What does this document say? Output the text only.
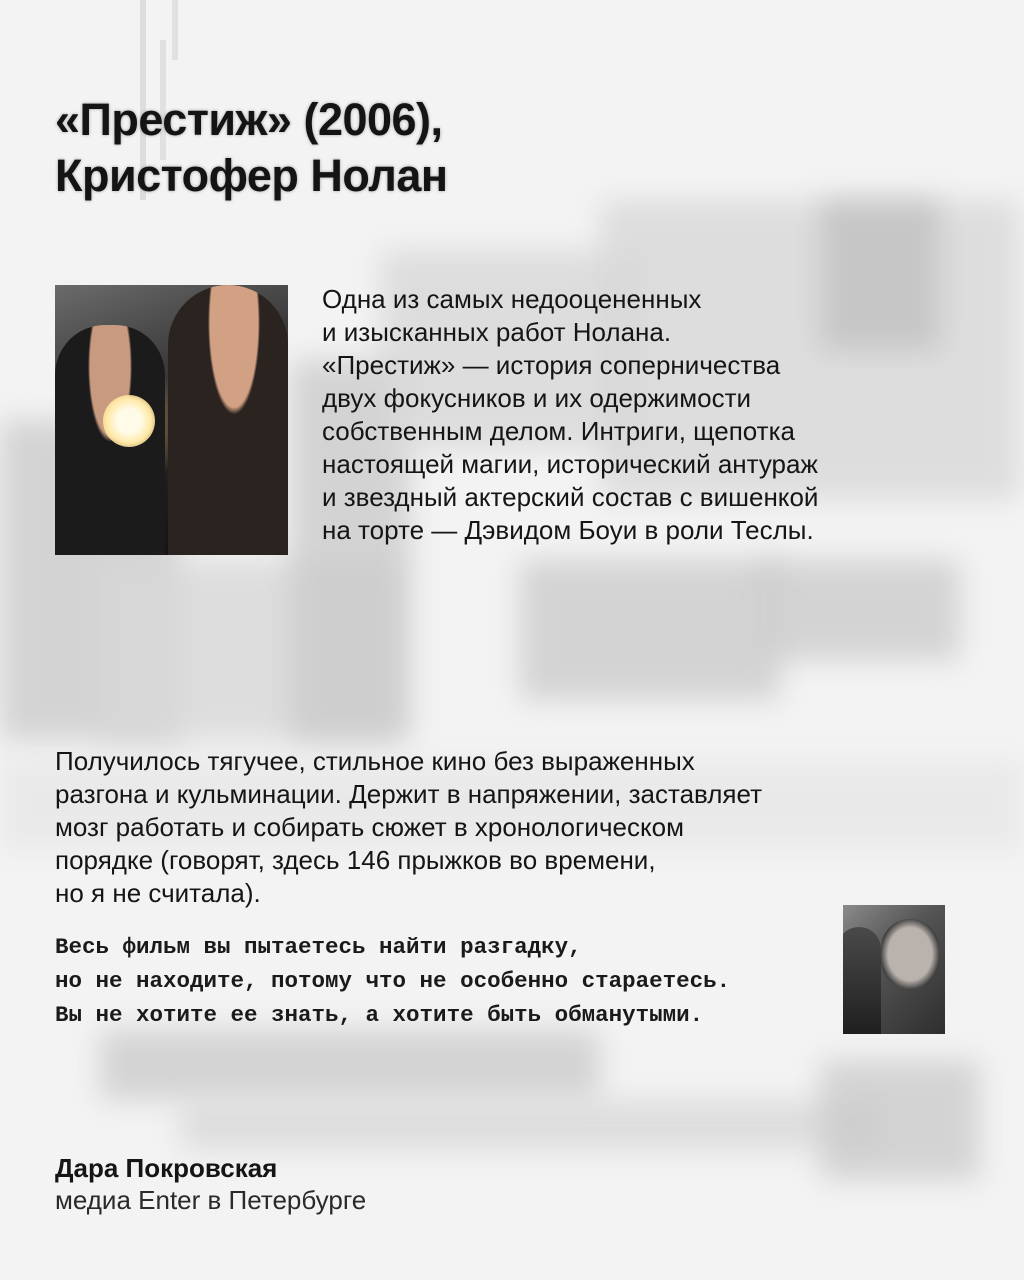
«Престиж» (2006),
Кристофер Нолан

Одна из самых недооцененных
и изысканных работ Нолана.
«Престиж» — история соперничества
двух фокусников и их одержимости
собственным делом. Интриги, щепотка
настоящей магии, исторический антураж
и звездный актерский состав с вишенкой
на торте — Дэвидом Боуи в роли Теслы.

Получилось тягучее, стильное кино без выраженных
разгона и кульминации. Держит в напряжении, заставляет
мозг работать и собирать сюжет в хронологическом
порядке (говорят, здесь 146 прыжков во времени,
но я не считала).

Весь фильм вы пытаетесь найти разгадку,
но не находите, потому что не особенно стараетесь.
Вы не хотите ее знать, а хотите быть обманутыми.

Дара Покровская
медиа Enter в Петербурге
